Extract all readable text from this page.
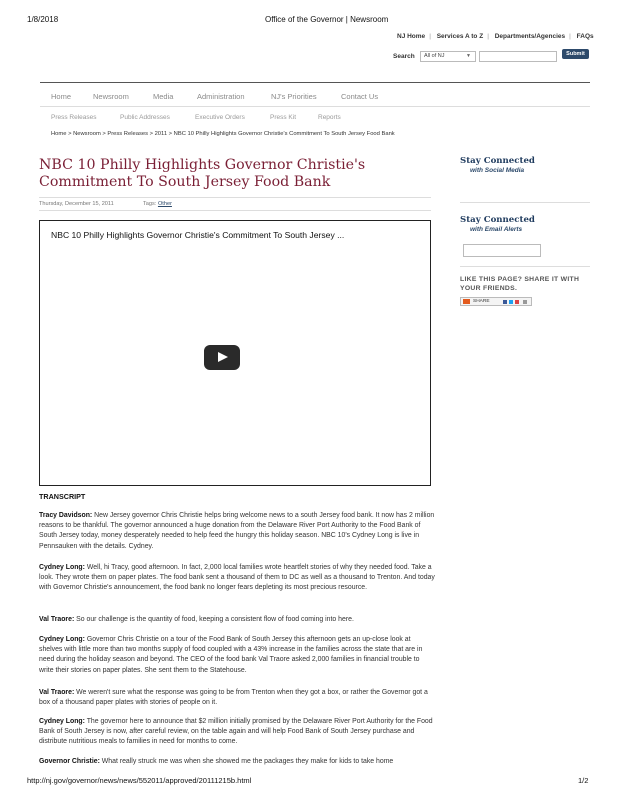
1/8/2018	Office of the Governor | Newsroom
NJ Home | Services A to Z | Departments/Agencies | FAQs
Search	All of NJ	▼	Submit
Home	Newsroom	Media	Administration	NJ's Priorities	Contact Us
Press Releases	Public Addresses	Executive Orders	Press Kit	Reports
Home > Newsroom > Press Releases > 2011 > NBC 10 Philly Highlights Governor Christie's Commitment To South Jersey Food Bank
NBC 10 Philly Highlights Governor Christie's Commitment To South Jersey Food Bank
Thursday, December 15, 2011	Tags: Other
NBC 10 Philly Highlights Governor Christie's Commitment To South Jersey ...
Stay Connected
with Social Media
Stay Connected
with Email Alerts
LIKE THIS PAGE? SHARE IT WITH YOUR FRIENDS.
SHARE
TRANSCRIPT
Tracy Davidson: New Jersey governor Chris Christie helps bring welcome news to a south Jersey food bank. It now has 2 million reasons to be thankful. The governor announced a huge donation from the Delaware River Port Authority to the Food Bank of South Jersey today, money desperately needed to help feed the hungry this holiday season. NBC 10's Cydney Long is live in Pennsauken with the details. Cydney.
Cydney Long: Well, hi Tracy, good afternoon. In fact, 2,000 local families wrote heartfelt stories of why they needed food. Take a look. They wrote them on paper plates. The food bank sent a thousand of them to DC as well as a thousand to Trenton. And today with Governor Christie's announcement, the food bank no longer fears depleting its most precious resource.
Val Traore: So our challenge is the quantity of food, keeping a consistent flow of food coming into here.
Cydney Long: Governor Chris Christie on a tour of the Food Bank of South Jersey this afternoon gets an up-close look at shelves with little more than two months supply of food coupled with a 43% increase in the families across the state that are in need during the holiday season and beyond. The CEO of the food bank Val Traore asked 2,000 families in financial trouble to write their stories on paper plates. She sent them to the Statehouse.
Val Traore: We weren't sure what the response was going to be from Trenton when they got a box, or rather the Governor got a box of a thousand paper plates with stories of people on it.
Cydney Long: The governor here to announce that $2 million initially promised by the Delaware River Port Authority for the Food Bank of South Jersey is now, after careful review, on the table again and will help Food Bank of South Jersey purchase and distribute nutritious meals to families in need for months to come.
Governor Christie: What really struck me was when she showed me the packages they make for kids to take home
http://nj.gov/governor/news/news/552011/approved/20111215b.html	1/2
